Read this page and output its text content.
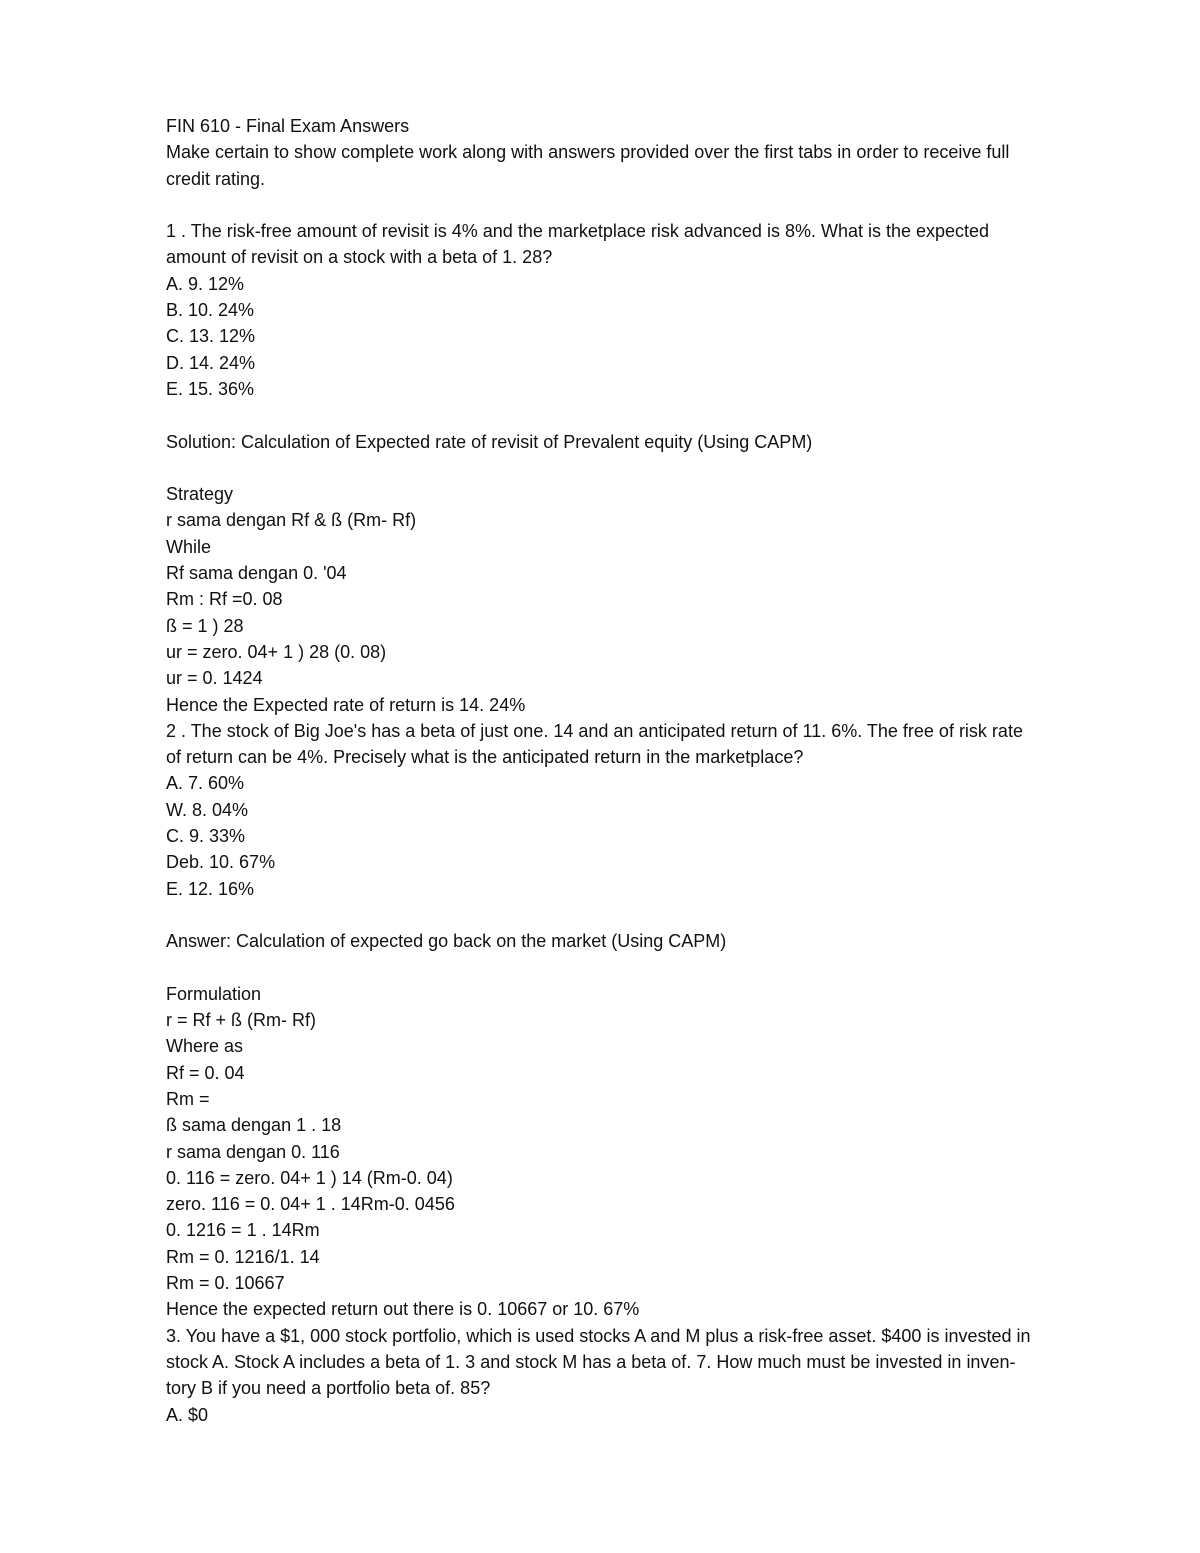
FIN 610 - Final Exam Answers
Make certain to show complete work along with answers provided over the first tabs in order to receive full
credit rating.
1 . The risk-free amount of revisit is 4% and the marketplace risk advanced is 8%. What is the expected
amount of revisit on a stock with a beta of 1. 28?
A. 9. 12%
B. 10. 24%
C. 13. 12%
D. 14. 24%
E. 15. 36%
Solution: Calculation of Expected rate of revisit of Prevalent equity (Using CAPM)
Strategy
r sama dengan Rf & ß (Rm- Rf)
While
Rf sama dengan 0. '04
Rm : Rf =0. 08
ß = 1 ) 28
ur = zero. 04+ 1 ) 28 (0. 08)
ur = 0. 1424
Hence the Expected rate of return is 14. 24%
2 . The stock of Big Joe's has a beta of just one. 14 and an anticipated return of 11. 6%. The free of risk rate
of return can be 4%. Precisely what is the anticipated return in the marketplace?
A. 7. 60%
W. 8. 04%
C. 9. 33%
Deb. 10. 67%
E. 12. 16%
Answer: Calculation of expected go back on the market (Using CAPM)
Formulation
r = Rf + ß (Rm- Rf)
Where as
Rf = 0. 04
Rm =
ß sama dengan 1 . 18
r sama dengan 0. 116
0. 116 = zero. 04+ 1 ) 14 (Rm-0. 04)
zero. 116 = 0. 04+ 1 . 14Rm-0. 0456
0. 1216 = 1 . 14Rm
Rm = 0. 1216/1. 14
Rm = 0. 10667
Hence the expected return out there is 0. 10667 or 10. 67%
3. You have a $1, 000 stock portfolio, which is used stocks A and M plus a risk-free asset. $400 is invested in
stock A. Stock A includes a beta of 1. 3 and stock M has a beta of. 7. How much must be invested in inven-
tory B if you need a portfolio beta of. 85?
A. $0
